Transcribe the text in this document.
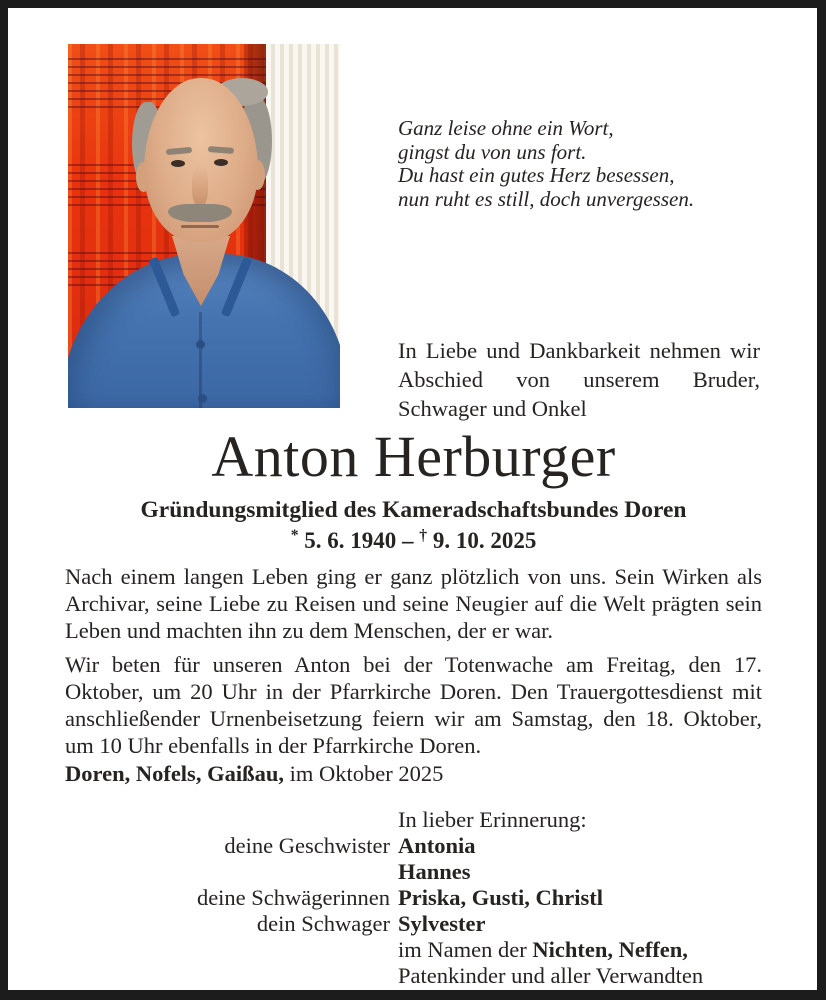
Ganz leise ohne ein Wort,
gingst du von uns fort.
Du hast ein gutes Herz besessen,
nun ruht es still, doch unvergessen.
In Liebe und Dankbarkeit nehmen wir Abschied von unserem Bruder, Schwager und Onkel
Anton Herburger
Gründungsmitglied des Kameradschaftsbundes Doren
* 5. 6. 1940 – † 9. 10. 2025
Nach einem langen Leben ging er ganz plötzlich von uns. Sein Wirken als Archivar, seine Liebe zu Reisen und seine Neugier auf die Welt prägten sein Leben und machten ihn zu dem Menschen, der er war.
Wir beten für unseren Anton bei der Totenwache am Freitag, den 17. Oktober, um 20 Uhr in der Pfarrkirche Doren. Den Trauergottesdienst mit anschließender Urnenbeisetzung feiern wir am Samstag, den 18. Oktober, um 10 Uhr ebenfalls in der Pfarrkirche Doren.
Doren, Nofels, Gaißau, im Oktober 2025
In lieber Erinnerung:
deine Geschwister Antonia
Hannes
deine Schwägerinnen Priska, Gusti, Christl
dein Schwager Sylvester
im Namen der Nichten, Neffen,
Patenkinder und aller Verwandten
